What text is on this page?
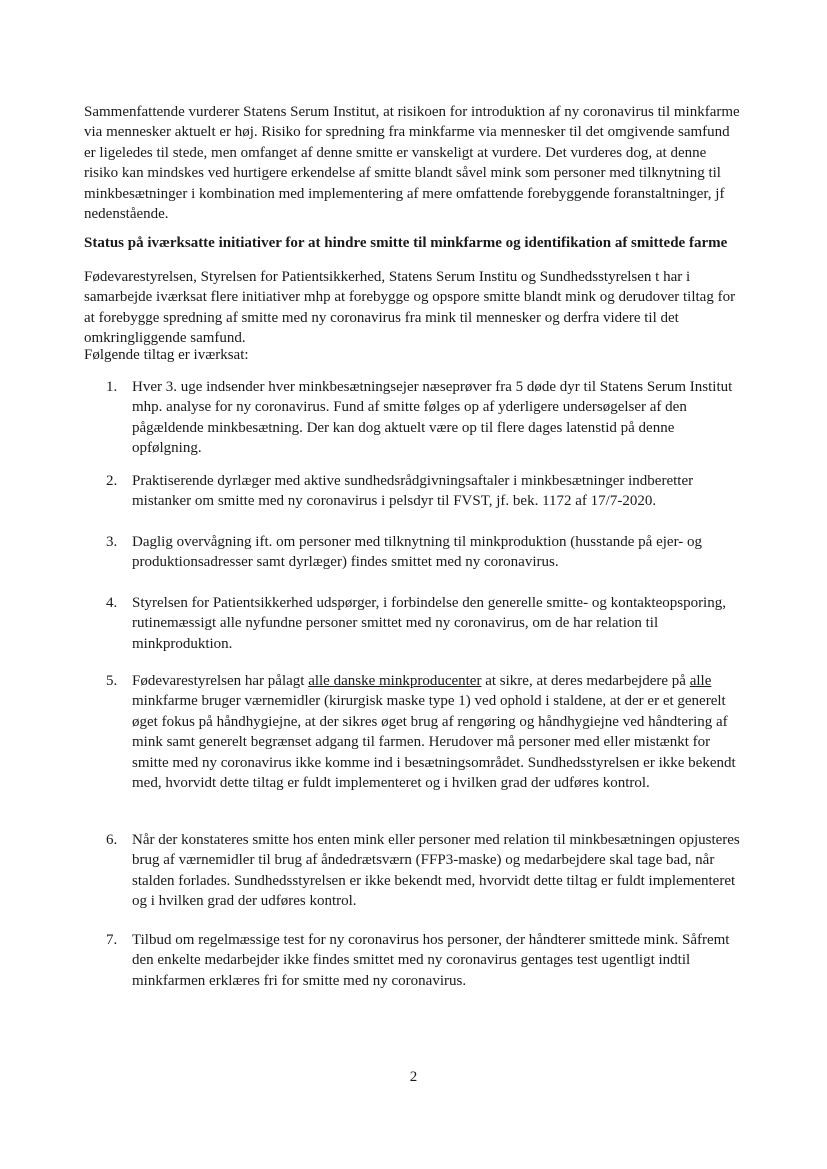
Sammenfattende vurderer Statens Serum Institut, at risikoen for introduktion af ny coronavirus til minkfarme via mennesker aktuelt er høj. Risiko for spredning fra minkfarme via mennesker til det omgivende samfund er ligeledes til stede, men omfanget af denne smitte er vanskeligt at vurdere. Det vurderes dog, at denne risiko kan mindskes ved hurtigere erkendelse af smitte blandt såvel mink som personer med tilknytning til minkbesætninger i kombination med implementering af mere omfattende forebyggende foranstaltninger, jf nedenstående.

Status på iværksatte initiativer for at hindre smitte til minkfarme og identifikation af smittede farme

Fødevarestyrelsen, Styrelsen for Patientsikkerhed, Statens Serum Institu og Sundhedsstyrelsen t har i samarbejde iværksat flere initiativer mhp at forebygge og opspore smitte blandt mink og derudover tiltag for at forebygge spredning af smitte med ny coronavirus fra mink til mennesker og derfra videre til det omkringliggende samfund.

Følgende tiltag er iværksat:

1. Hver 3. uge indsender hver minkbesætningsejer næseprøver fra 5 døde dyr til Statens Serum Institut mhp. analyse for ny coronavirus. Fund af smitte følges op af yderligere undersøgelser af den pågældende minkbesætning. Der kan dog aktuelt være op til flere dages latenstid på denne opfølgning.
2. Praktiserende dyrlæger med aktive sundhedsrådgivningsaftaler i minkbesætninger indberetter mistanker om smitte med ny coronavirus i pelsdyr til FVST, jf. bek. 1172 af 17/7-2020.
3. Daglig overvågning ift. om personer med tilknytning til minkproduktion (husstande på ejer- og produktionsadresser samt dyrlæger) findes smittet med ny coronavirus.
4. Styrelsen for Patientsikkerhed udspørger, i forbindelse den generelle smitte- og kontakteopsporing, rutinemæssigt alle nyfundne personer smittet med ny coronavirus, om de har relation til minkproduktion.
5. Fødevarestyrelsen har pålagt alle danske minkproducenter at sikre, at deres medarbejdere på alle minkfarme bruger værnemidler (kirurgisk maske type 1) ved ophold i staldene, at der er et generelt øget fokus på håndhygiejne, at der sikres øget brug af rengøring og håndhygiejne ved håndtering af mink samt generelt begrænset adgang til farmen. Herudover må personer med eller mistænkt for smitte med ny coronavirus ikke komme ind i besætningsområdet. Sundhedsstyrelsen er ikke bekendt med, hvorvidt dette tiltag er fuldt implementeret og i hvilken grad der udføres kontrol.
6. Når der konstateres smitte hos enten mink eller personer med relation til minkbesætningen opjusteres brug af værnemidler til brug af åndedrætsværn (FFP3-maske) og medarbejdere skal tage bad, når stalden forlades. Sundhedsstyrelsen er ikke bekendt med, hvorvidt dette tiltag er fuldt implementeret og i hvilken grad der udføres kontrol.
7. Tilbud om regelmæssige test for ny coronavirus hos personer, der håndterer smittede mink. Såfremt den enkelte medarbejder ikke findes smittet med ny coronavirus gentages test ugentligt indtil minkfarmen erklæres fri for smitte med ny coronavirus.
2
